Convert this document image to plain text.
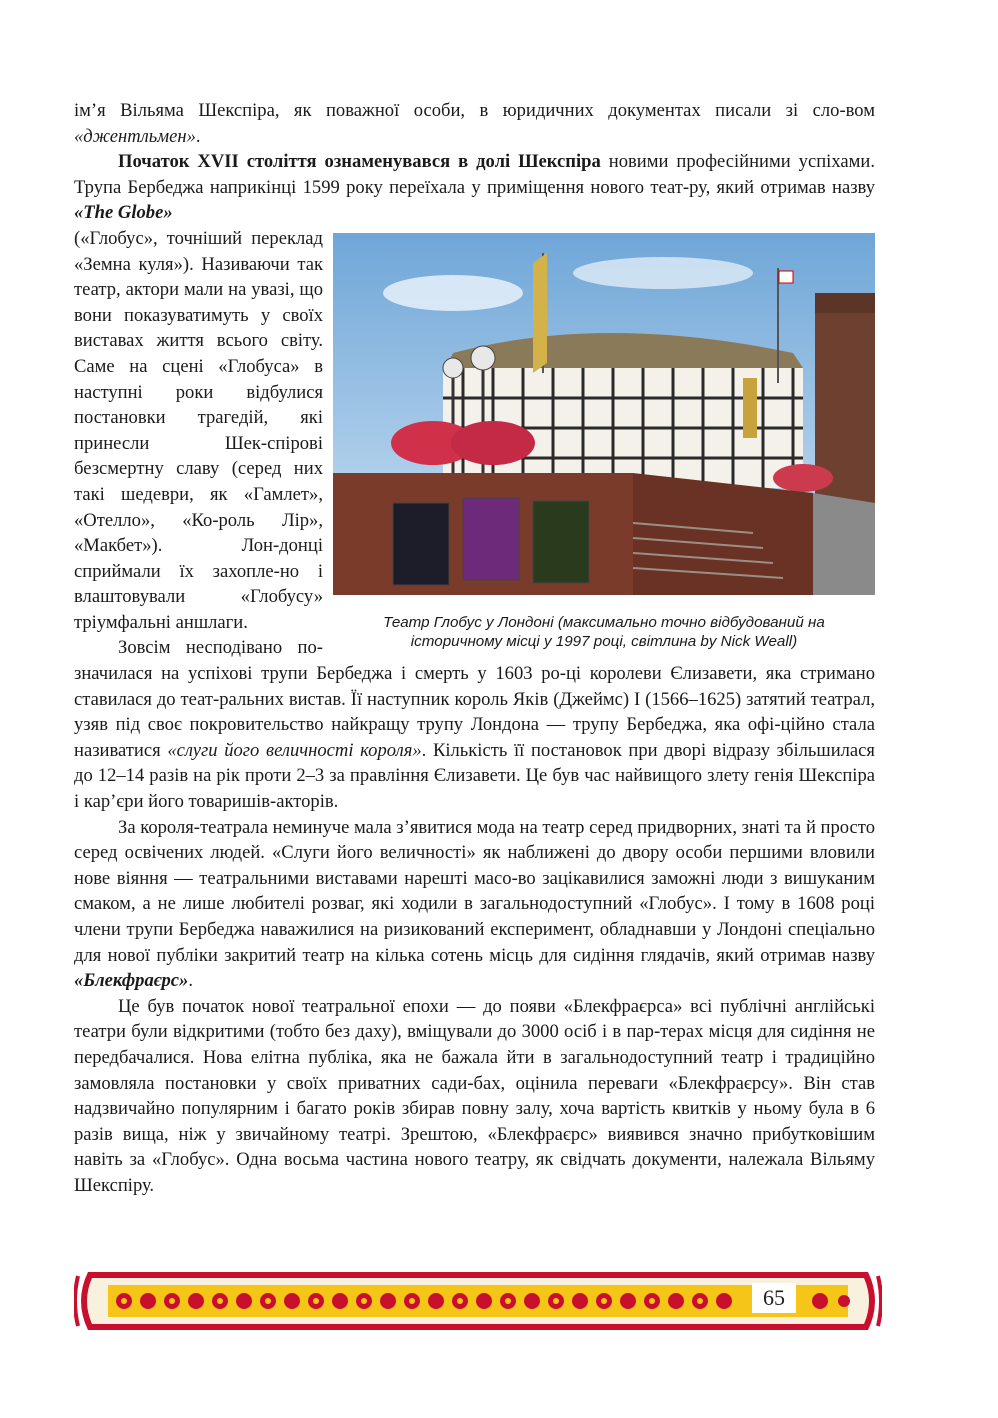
ім’я Вільяма Шекспіра, як поважної особи, в юридичних документах писали зі сло-вом «джентльмен».

Початок XVII століття ознаменувався в долі Шекспіра новими професійними успіхами. Трупа Бербеджа наприкінці 1599 року переїхала у приміщення нового теат-ру, який отримав назву «The Globe»

Театр Глобус у Лондоні (максимально точно відбудований на історичному місці у 1997 році, світлина by Nick Weall)
(«Глобус», точніший переклад «Земна куля»). Називаючи так театр, актори мали на увазі, що вони показуватимуть у своїх виставах життя всього світу. Саме на сцені «Глобуса» в наступні роки відбулися постановки трагедій, які принесли Шек-спірові безсмертну славу (серед них такі шедеври, як «Гамлет», «Отелло», «Ко-роль Лір», «Макбет»). Лон-донці сприймали їх захопле-но і влаштовували «Глобусу» тріумфальні аншлаги.

Зовсім несподівано по-значилася на успіхові трупи Бербеджа і смерть у 1603 ро-ці королеви Єлизавети, яка стримано ставилася до теат-ральних вистав. Її наступник король Яків (Джеймс) I (1566–1625) затятий театрал, узяв під своє покровительство найкращу трупу Лондона — трупу Бербеджа, яка офі-ційно стала називатися «слуги його величності короля». Кількість її постановок при дворі відразу збільшилася до 12–14 разів на рік проти 2–3 за правління Єлизавети. Це був час найвищого злету генія Шекспіра і кар’єри його товаришів-акторів.

За короля-театрала неминуче мала з’явитися мода на театр серед придворних, знаті та й просто серед освічених людей. «Слуги його величності» як наближені до двору особи першими вловили нове віяння — театральними виставами нарешті масо-во зацікавилися заможні люди з вишуканим смаком, а не лише любителі розваг, які ходили в загальнодоступний «Глобус». І тому в 1608 році члени трупи Бербеджа наважилися на ризикований експеримент, обладнавши у Лондоні спеціально для нової публіки закритий театр на кілька сотень місць для сидіння глядачів, який отримав назву «Блекфраєрс».

Це був початок нової театральної епохи — до появи «Блекфраєрса» всі публічні англійські театри були відкритими (тобто без даху), вміщували до 3000 осіб і в пар-терах місця для сидіння не передбачалися. Нова елітна публіка, яка не бажала йти в загальнодоступний театр і традиційно замовляла постановки у своїх приватних сади-бах, оцінила переваги «Блекфраєрсу». Він став надзвичайно популярним і багато років збирав повну залу, хоча вартість квитків у ньому була в 6 разів вища, ніж у звичайному театрі. Зрештою, «Блекфраєрс» виявився значно прибутковішим навіть за «Глобус». Одна восьма частина нового театру, як свідчать документи, належала Вільяму Шекспіру.

65
